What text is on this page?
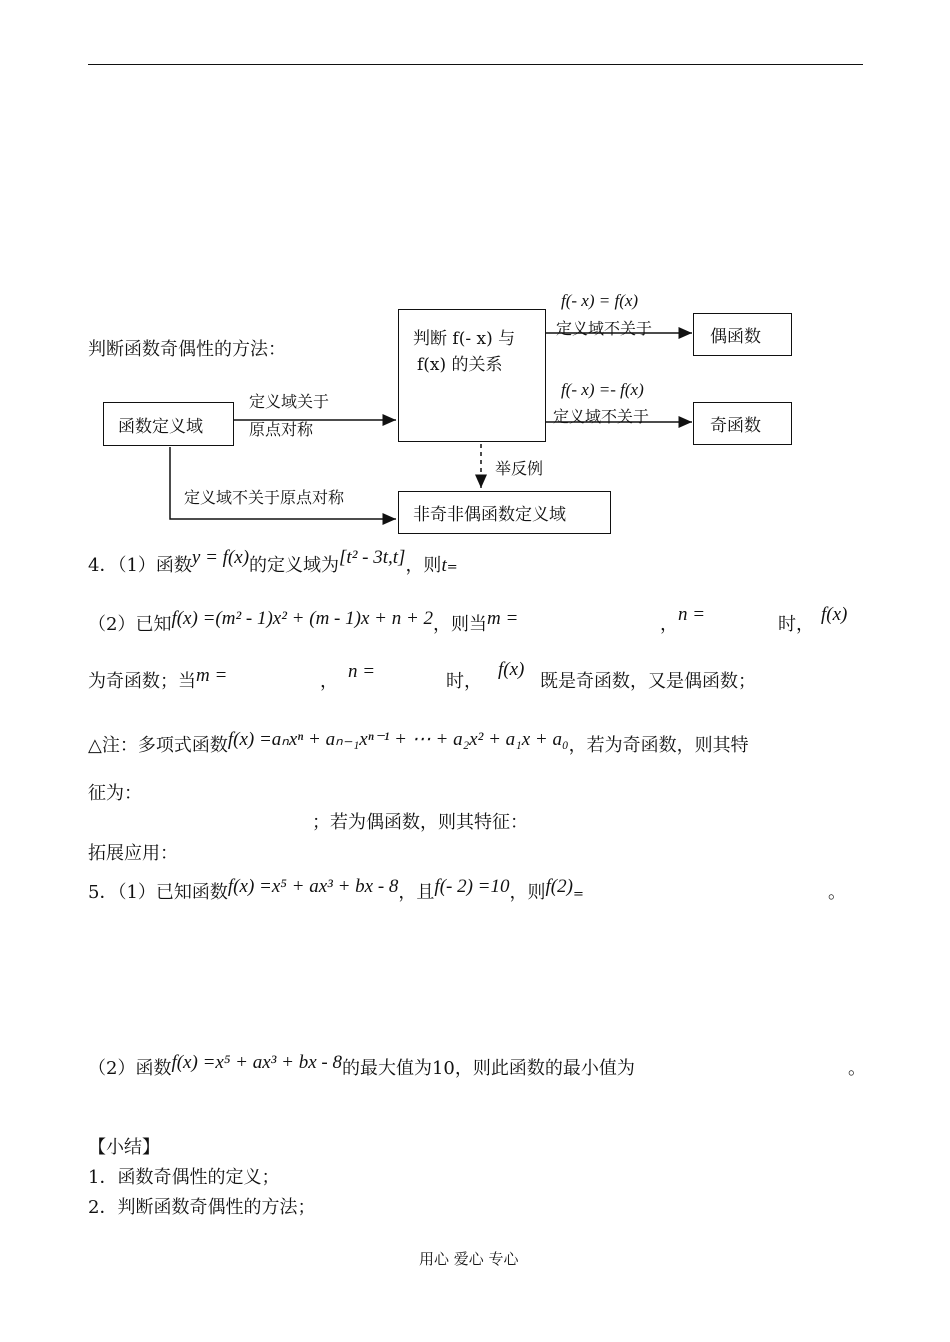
判断函数奇偶性的方法：
函数定义域
判断 f(- x) 与
f(x) 的关系
偶函数
奇函数
非奇非偶函数定义域
定义域关于
原点对称
f(- x) = f(x)
定义域不关于
f(- x) =- f(x)
定义域不关于
举反例
定义域不关于原点对称
4．（1）函数y = f(x)的定义域为[t² - 3t,t]，则t=
（2）已知f(x) =(m² - 1)x² + (m - 1)x + n + 2，则当m =	， n =	时， f(x)
为奇函数；当m =	， n =	时，
f(x)
既是奇函数，又是偶函数；
△注：多项式函数f(x) =aₙxⁿ + aₙ₋₁xⁿ⁻¹ + ⋯ + a₂x² + a₁x + a₀，若为奇函数，则其特
征为：
；若为偶函数，则其特征：
拓展应用：
5．（1）已知函数f(x) =x⁵ + ax³ + bx - 8，且f(- 2) =10，则f(2)=	。
（2）函数f(x) =x⁵ + ax³ + bx - 8的最大值为10，则此函数的最小值为	。
【小结】
1．函数奇偶性的定义；
2．判断函数奇偶性的方法；
用心 爱心 专心
